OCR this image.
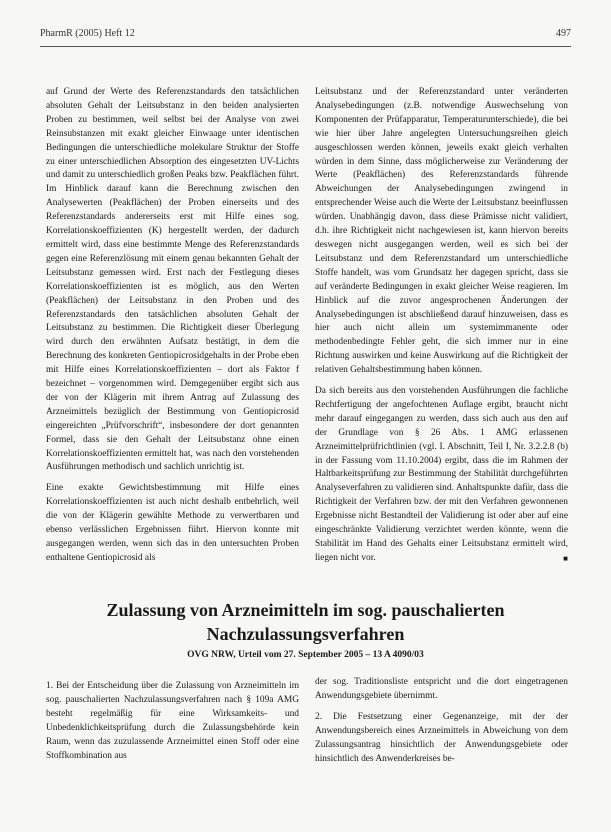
PharmR (2005) Heft 12	497

auf Grund der Werte des Referenzstandards den tatsächlichen absoluten Gehalt der Leitsubstanz in den beiden analysierten Proben zu bestimmen, weil selbst bei der Analyse von zwei Reinsubstanzen mit exakt gleicher Einwaage unter identischen Bedingungen die unterschiedliche molekulare Struktur der Stoffe zu einer unterschiedlichen Absorption des eingesetzten UV-Lichts und damit zu unterschiedlich großen Peaks bzw. Peakflächen führt. Im Hinblick darauf kann die Berechnung zwischen den Analysewerten (Peakflächen) der Proben einerseits und des Referenzstandards andererseits erst mit Hilfe eines sog. Korrelationskoeffizienten (K) hergestellt werden, der dadurch ermittelt wird, dass eine bestimmte Menge des Referenzstandards gegen eine Referenzlösung mit einem genau bekannten Gehalt der Leitsubstanz gemessen wird. Erst nach der Festlegung dieses Korrelationskoeffizienten ist es möglich, aus den Werten (Peakflächen) der Leitsubstanz in den Proben und des Referenzstandards den tatsächlichen absoluten Gehalt der Leitsubstanz zu bestimmen. Die Richtigkeit dieser Überlegung wird durch den erwähnten Aufsatz bestätigt, in dem die Berechnung des konkreten Gentiopicrosidgehalts in der Probe eben mit Hilfe eines Korrelationskoeffizienten – dort als Faktor f bezeichnet – vorgenommen wird. Demgegenüber ergibt sich aus der von der Klägerin mit ihrem Antrag auf Zulassung des Arzneimittels bezüglich der Bestimmung von Gentiopicrosid eingereichten „Prüfvorschrift“, insbesondere der dort genannten Formel, dass sie den Gehalt der Leitsubstanz ohne einen Korrelationskoeffizienten ermittelt hat, was nach den vorstehenden Ausführungen methodisch und sachlich unrichtig ist.

Eine exakte Gewichtsbestimmung mit Hilfe eines Korrelationskoeffizienten ist auch nicht deshalb entbehrlich, weil die von der Klägerin gewählte Methode zu verwertbaren und ebenso verlässlichen Ergebnissen führt. Hiervon konnte mit ausgegangen werden, wenn sich das in den untersuchten Proben enthaltene Gentiopicrosid als

Leitsubstanz und der Referenzstandard unter veränderten Analysebedingungen (z.B. notwendige Auswechselung von Komponenten der Prüfapparatur, Temperaturunterschiede), die bei wie hier über Jahre angelegten Untersuchungsreihen gleich ausgeschlossen werden können, jeweils exakt gleich verhalten würden in dem Sinne, dass möglicherweise zur Veränderung der Werte (Peakflächen) des Referenzstandards führende Abweichungen der Analysebedingungen zwingend in entsprechender Weise auch die Werte der Leitsubstanz beeinflussen würden. Unabhängig davon, dass diese Prämisse nicht validiert, d.h. ihre Richtigkeit nicht nachgewiesen ist, kann hiervon bereits deswegen nicht ausgegangen werden, weil es sich bei der Leitsubstanz und dem Referenzstandard um unterschiedliche Stoffe handelt, was vom Grundsatz her dagegen spricht, dass sie auf veränderte Bedingungen in exakt gleicher Weise reagieren. Im Hinblick auf die zuvor angesprochenen Änderungen der Analysebedingungen ist abschließend darauf hinzuweisen, dass es hier auch nicht allein um systemimmanente oder methodenbedingte Fehler geht, die sich immer nur in eine Richtung auswirken und keine Auswirkung auf die Richtigkeit der relativen Gehaltsbestimmung haben können.

Da sich bereits aus den vorstehenden Ausführungen die fachliche Rechtfertigung der angefochtenen Auflage ergibt, braucht nicht mehr darauf eingegangen zu werden, dass sich auch aus den auf der Grundlage von § 26 Abs. 1 AMG erlassenen Arzneimittelprüfrichtlinien (vgl. I. Abschnitt, Teil I, Nr. 3.2.2.8 (b) in der Fassung vom 11.10.2004) ergibt, dass die im Rahmen der Haltbarkeitsprüfung zur Bestimmung der Stabilität durchgeführten Analyseverfahren zu validieren sind. Anhaltspunkte dafür, dass die Richtigkeit der Verfahren bzw. der mit den Verfahren gewonnenen Ergebnisse nicht Bestandteil der Validierung ist oder aber auf eine eingeschränkte Validierung verzichtet werden könnte, wenn die Stabilität im Hand des Gehalts einer Leitsubstanz ermittelt wird, liegen nicht vor.	■

Zulassung von Arzneimitteln im sog. pauschalierten Nachzulassungsverfahren
OVG NRW, Urteil vom 27. September 2005 – 13 A 4090/03

1. Bei der Entscheidung über die Zulassung von Arzneimitteln im sog. pauschalierten Nachzulassungsverfahren nach § 109a AMG besteht regelmäßig für eine Wirksamkeits- und Unbedenklichkeitsprüfung durch die Zulassungsbehörde kein Raum, wenn das zuzulassende Arzneimittel einen Stoff oder eine Stoffkombination aus

der sog. Traditionsliste entspricht und die dort eingetragenen Anwendungsgebiete übernimmt.

2. Die Festsetzung einer Gegenanzeige, mit der der Anwendungsbereich eines Arzneimittels in Abweichung von dem Zulassungsantrag hinsichtlich der Anwendungsgebiete oder hinsichtlich des Anwenderkreises be-
